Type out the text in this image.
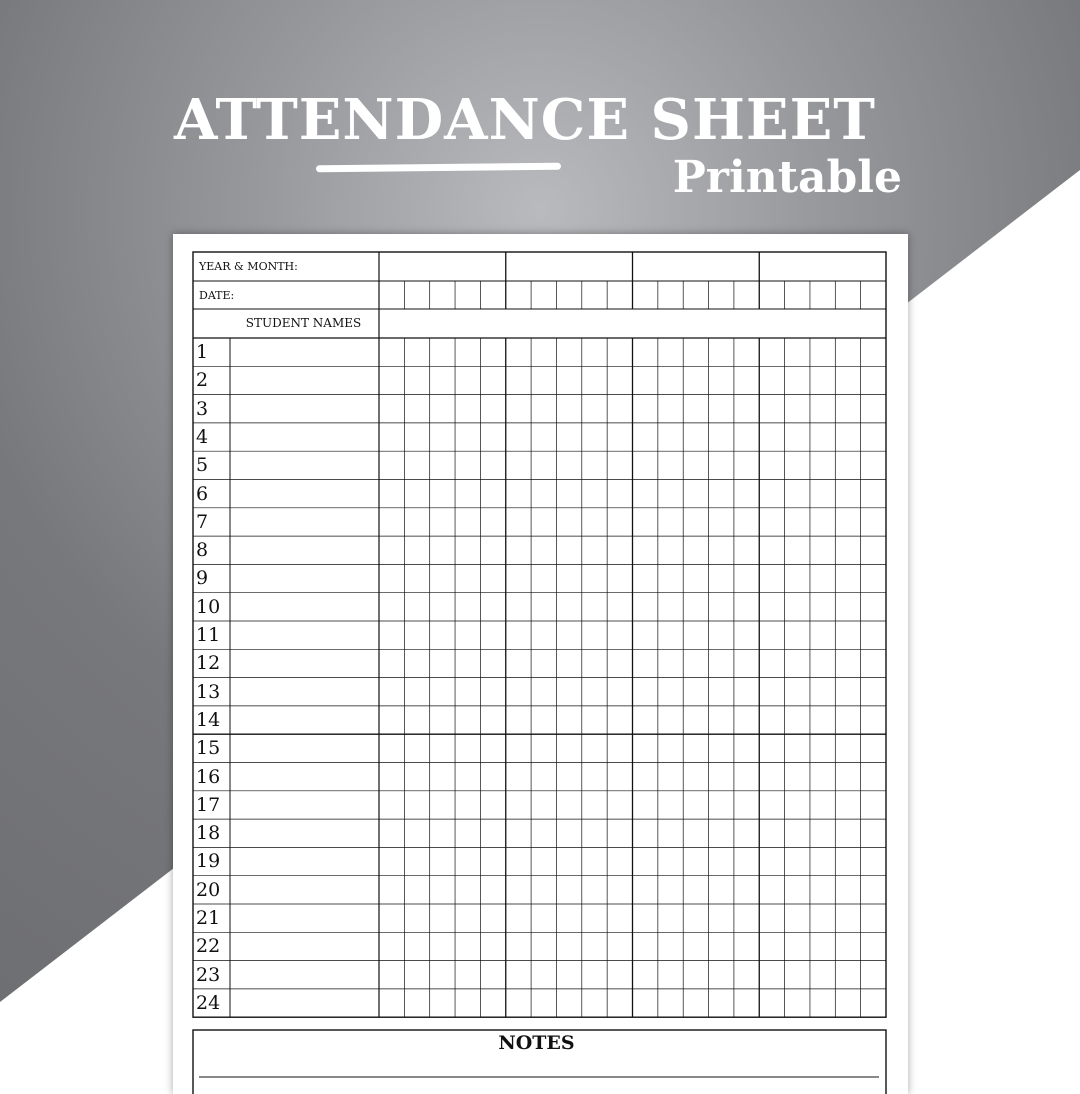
ATTENDANCE SHEET
Printable
YEAR & MONTH:
DATE:
STUDENT NAMES
1
2
3
4
5
6
7
8
9
10
11
12
13
14
15
16
17
18
19
20
21
22
23
24
NOTES
